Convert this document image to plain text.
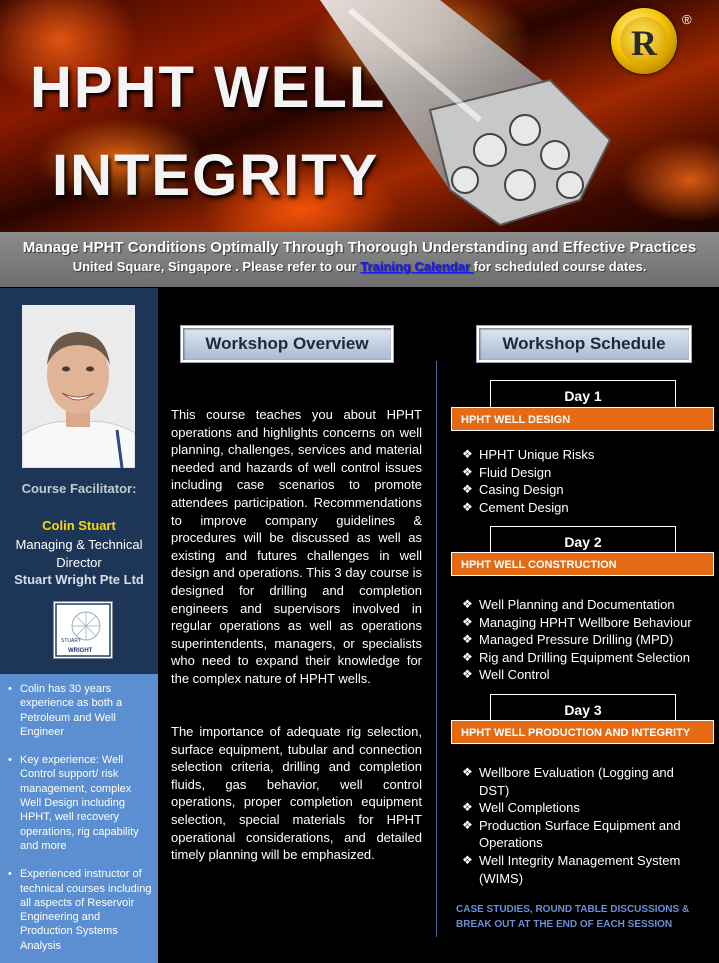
HPHT WELL
INTEGRITY
R
®
Manage HPHT Conditions Optimally Through Thorough Understanding and Effective Practices
United Square, Singapore . Please refer to our Training Calendar for scheduled course dates.
Course Facilitator:
Colin Stuart
Managing & Technical
Director
Stuart Wright Pte Ltd
STUART
WRIGHT
• Colin has 30 years experience as both a Petroleum and Well Engineer
• Key experience: Well Control support/ risk management, complex Well Design including HPHT, well recovery operations, rig capability and more
• Experienced instructor of technical courses including all aspects of Reservoir Engineering and Production Systems Analysis
Workshop Overview

This course teaches you about HPHT operations and highlights concerns on well planning, challenges, services and material needed and hazards of well control issues including case scenarios to promote attendees participation. Recommendations to improve company guidelines & procedures will be discussed as well as existing and futures challenges in well design and operations. This 3 day course is designed for drilling and completion engineers and supervisors involved in regular operations as well as operations superintendents, managers, or specialists who need to expand their knowledge for the complex nature of HPHT wells.

The importance of adequate rig selection, surface equipment, tubular and connection selection criteria, drilling and completion fluids, gas behavior, well control operations, proper completion equipment selection, special materials for HPHT operational considerations, and detailed timely planning will be emphasized.

Workshop Schedule
Day 1
HPHT WELL DESIGN
❖ HPHT Unique Risks
❖ Fluid Design
❖ Casing Design
❖ Cement Design
Day 2
HPHT WELL CONSTRUCTION
❖ Well Planning and Documentation
❖ Managing HPHT Wellbore Behaviour
❖ Managed Pressure Drilling (MPD)
❖ Rig and Drilling Equipment Selection
❖ Well Control
Day 3
HPHT WELL PRODUCTION AND INTEGRITY
❖ Wellbore Evaluation (Logging and DST)
❖ Well Completions
❖ Production Surface Equipment and Operations
❖ Well Integrity Management System (WIMS)
CASE STUDIES, ROUND TABLE DISCUSSIONS & BREAK OUT AT THE END OF EACH SESSION
